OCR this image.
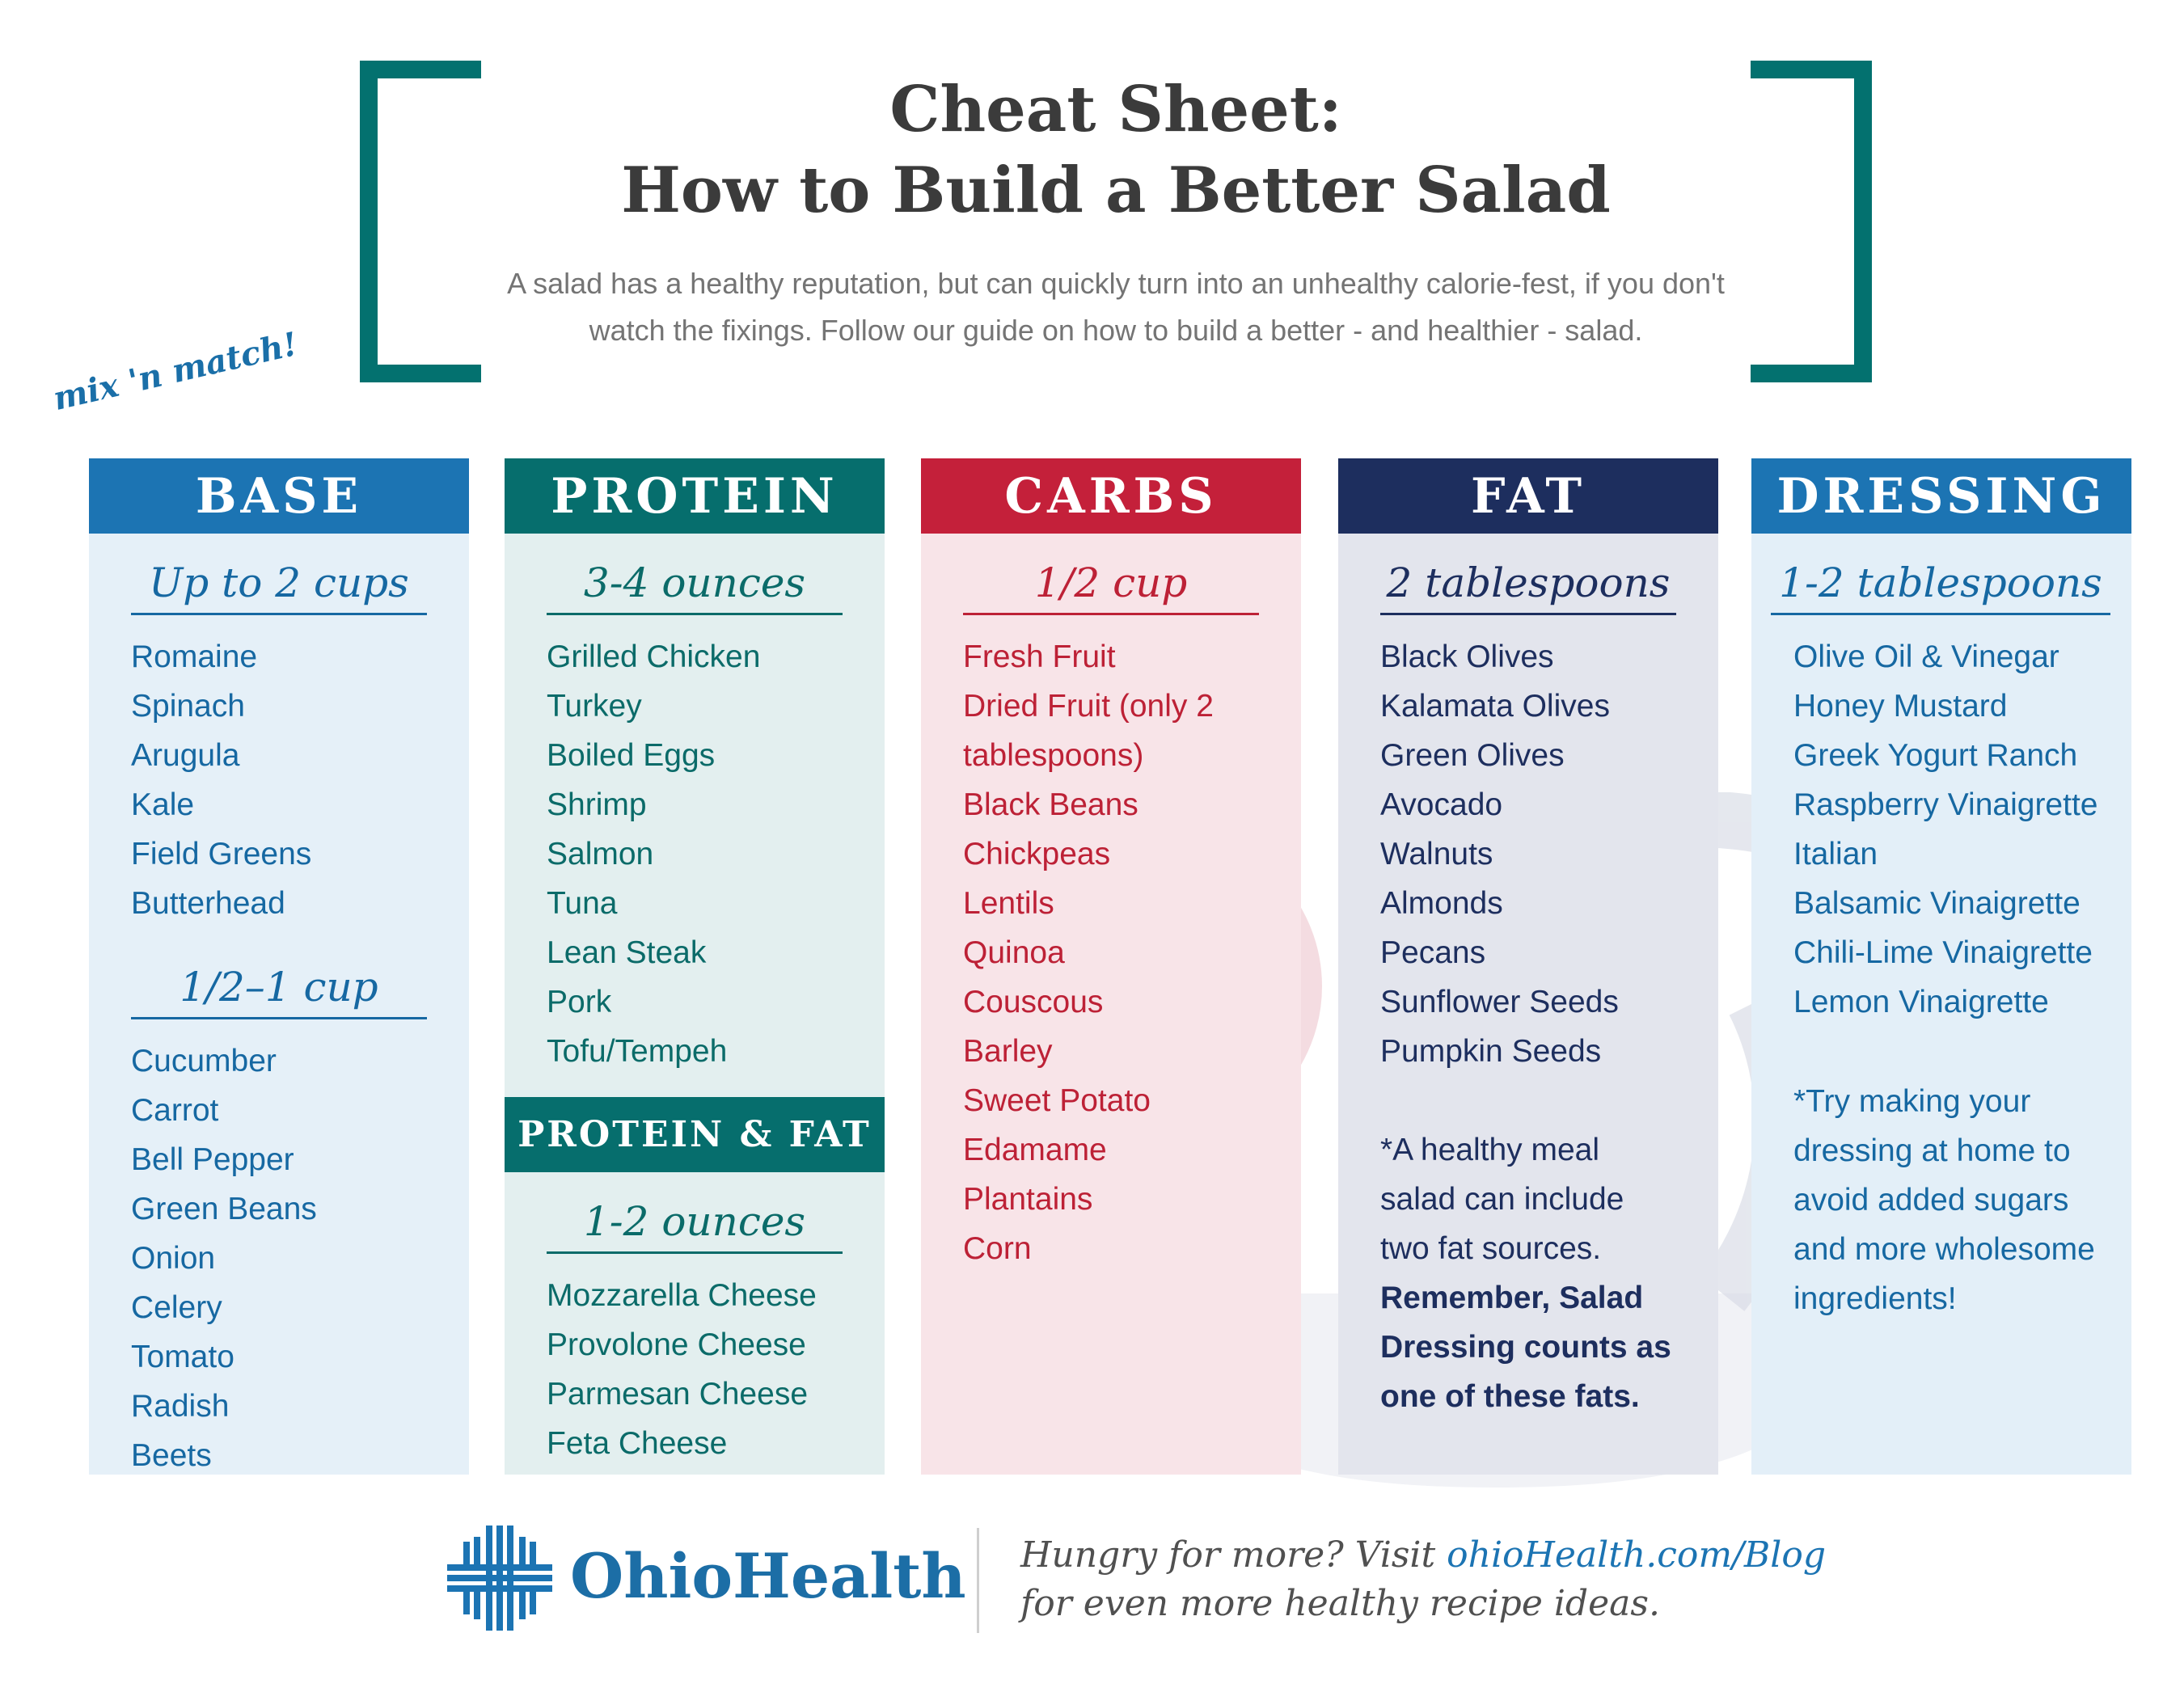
Cheat Sheet:
How to Build a Better Salad

A salad has a healthy reputation, but can quickly turn into an unhealthy calorie-fest, if you don't
watch the fixings. Follow our guide on how to build a better - and healthier - salad.

mix 'n match!
BASE
Up to 2 cups
Romaine
Spinach
Arugula
Kale
Field Greens
Butterhead
1/2–1 cup
Cucumber
Carrot
Bell Pepper
Green Beans
Onion
Celery
Tomato
Radish
Beets
PROTEIN
3-4 ounces
Grilled Chicken
Turkey
Boiled Eggs
Shrimp
Salmon
Tuna
Lean Steak
Pork
Tofu/Tempeh
PROTEIN & FAT
1-2 ounces
Mozzarella Cheese
Provolone Cheese
Parmesan Cheese
Feta Cheese
CARBS
1/2 cup
Fresh Fruit
Dried Fruit (only 2
tablespoons)
Black Beans
Chickpeas
Lentils
Quinoa
Couscous
Barley
Sweet Potato
Edamame
Plantains
Corn
FAT
2 tablespoons
Black Olives
Kalamata Olives
Green Olives
Avocado
Walnuts
Almonds
Pecans
Sunflower Seeds
Pumpkin Seeds
*A healthy meal
salad can include
two fat sources.
Remember, Salad
Dressing counts as
one of these fats.
DRESSING
1-2 tablespoons
Olive Oil & Vinegar
Honey Mustard
Greek Yogurt Ranch
Raspberry Vinaigrette
Italian
Balsamic Vinaigrette
Chili-Lime Vinaigrette
Lemon Vinaigrette
*Try making your
dressing at home to
avoid added sugars
and more wholesome
ingredients!
OhioHealth Hungry for more? Visit ohioHealth.com/Blog
for even more healthy recipe ideas.
